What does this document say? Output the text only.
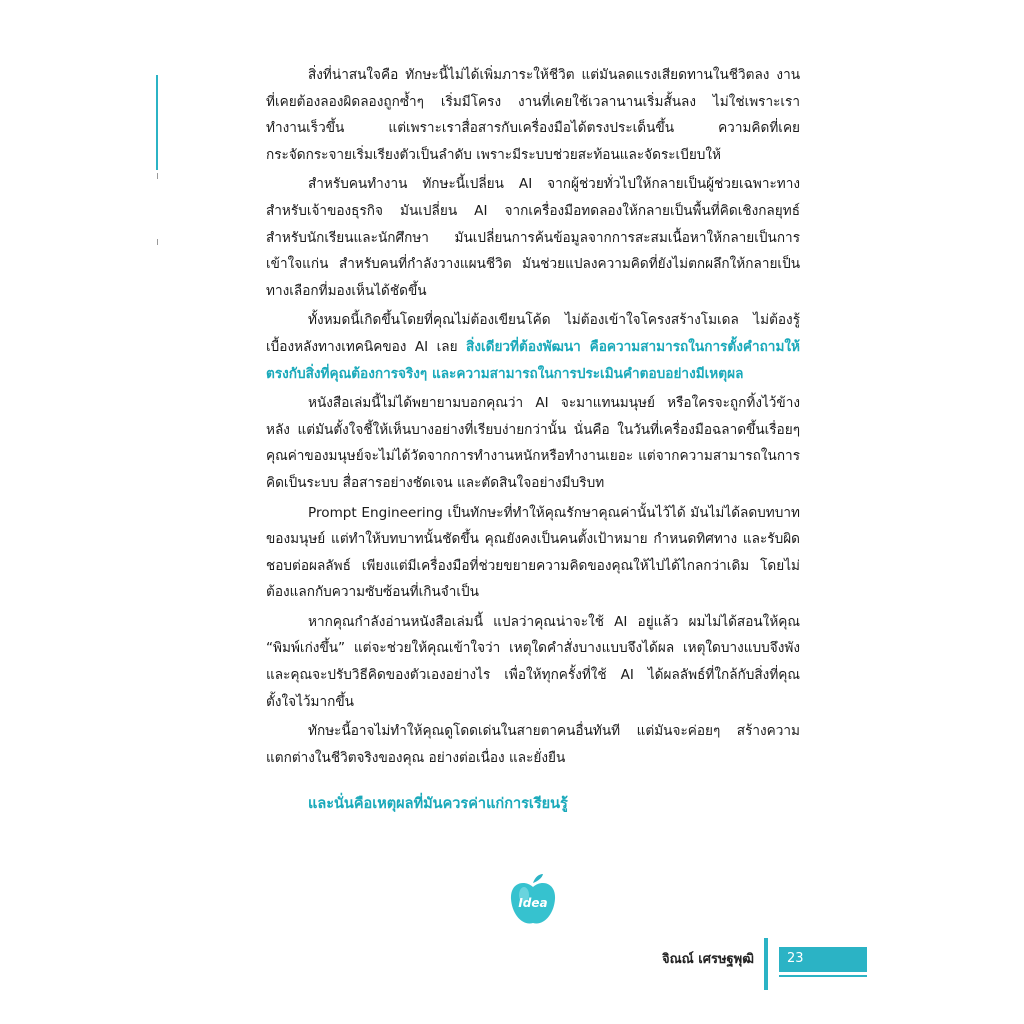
สิ่งที่น่าสนใจคือ ทักษะนี้ไม่ได้เพิ่มภาระให้ชีวิต แต่มันลดแรงเสียดทานในชีวิตลง งานที่เคยต้องลองผิดลองถูกซ้ำๆ เริ่มมีโครง งานที่เคยใช้เวลานานเริ่มสั้นลง ไม่ใช่เพราะเราทำงานเร็วขึ้น แต่เพราะเราสื่อสารกับเครื่องมือได้ตรงประเด็นขึ้น ความคิดที่เคยกระจัดกระจายเริ่มเรียงตัวเป็นลำดับ เพราะมีระบบช่วยสะท้อนและจัดระเบียบให้

สำหรับคนทำงาน ทักษะนี้เปลี่ยน AI จากผู้ช่วยทั่วไปให้กลายเป็นผู้ช่วยเฉพาะทาง สำหรับเจ้าของธุรกิจ มันเปลี่ยน AI จากเครื่องมือทดลองให้กลายเป็นพื้นที่คิดเชิงกลยุทธ์ สำหรับนักเรียนและนักศึกษา มันเปลี่ยนการค้นข้อมูลจากการสะสมเนื้อหาให้กลายเป็นการเข้าใจแก่น สำหรับคนที่กำลังวางแผนชีวิต มันช่วยแปลงความคิดที่ยังไม่ตกผลึกให้กลายเป็นทางเลือกที่มองเห็นได้ชัดขึ้น

ทั้งหมดนี้เกิดขึ้นโดยที่คุณไม่ต้องเขียนโค้ด ไม่ต้องเข้าใจโครงสร้างโมเดล ไม่ต้องรู้เบื้องหลังทางเทคนิคของ AI เลย สิ่งเดียวที่ต้องพัฒนา คือความสามารถในการตั้งคำถามให้ตรงกับสิ่งที่คุณต้องการจริงๆ และความสามารถในการประเมินคำตอบอย่างมีเหตุผล

หนังสือเล่มนี้ไม่ได้พยายามบอกคุณว่า AI จะมาแทนมนุษย์ หรือใครจะถูกทิ้งไว้ข้างหลัง แต่มันตั้งใจชี้ให้เห็นบางอย่างที่เรียบง่ายกว่านั้น นั่นคือ ในวันที่เครื่องมือฉลาดขึ้นเรื่อยๆ คุณค่าของมนุษย์จะไม่ได้วัดจากการทำงานหนักหรือทำงานเยอะ แต่จากความสามารถในการคิดเป็นระบบ สื่อสารอย่างชัดเจน และตัดสินใจอย่างมีบริบท

Prompt Engineering เป็นทักษะที่ทำให้คุณรักษาคุณค่านั้นไว้ได้ มันไม่ได้ลดบทบาทของมนุษย์ แต่ทำให้บทบาทนั้นชัดขึ้น คุณยังคงเป็นคนตั้งเป้าหมาย กำหนดทิศทาง และรับผิดชอบต่อผลลัพธ์ เพียงแต่มีเครื่องมือที่ช่วยขยายความคิดของคุณให้ไปได้ไกลกว่าเดิม โดยไม่ต้องแลกกับความซับซ้อนที่เกินจำเป็น

หากคุณกำลังอ่านหนังสือเล่มนี้ แปลว่าคุณน่าจะใช้ AI อยู่แล้ว ผมไม่ได้สอนให้คุณ “พิมพ์เก่งขึ้น” แต่จะช่วยให้คุณเข้าใจว่า เหตุใดคำสั่งบางแบบจึงได้ผล เหตุใดบางแบบจึงพัง และคุณจะปรับวิธีคิดของตัวเองอย่างไร เพื่อให้ทุกครั้งที่ใช้ AI ได้ผลลัพธ์ที่ใกล้กับสิ่งที่คุณตั้งใจไว้มากขึ้น

ทักษะนี้อาจไม่ทำให้คุณดูโดดเด่นในสายตาคนอื่นทันที แต่มันจะค่อยๆ สร้างความแตกต่างในชีวิตจริงของคุณ อย่างต่อเนื่อง และยั่งยืน

และนั่นคือเหตุผลที่มันควรค่าแก่การเรียนรู้

Idea
จิณณ์ เศรษฐพุฒิ	23
